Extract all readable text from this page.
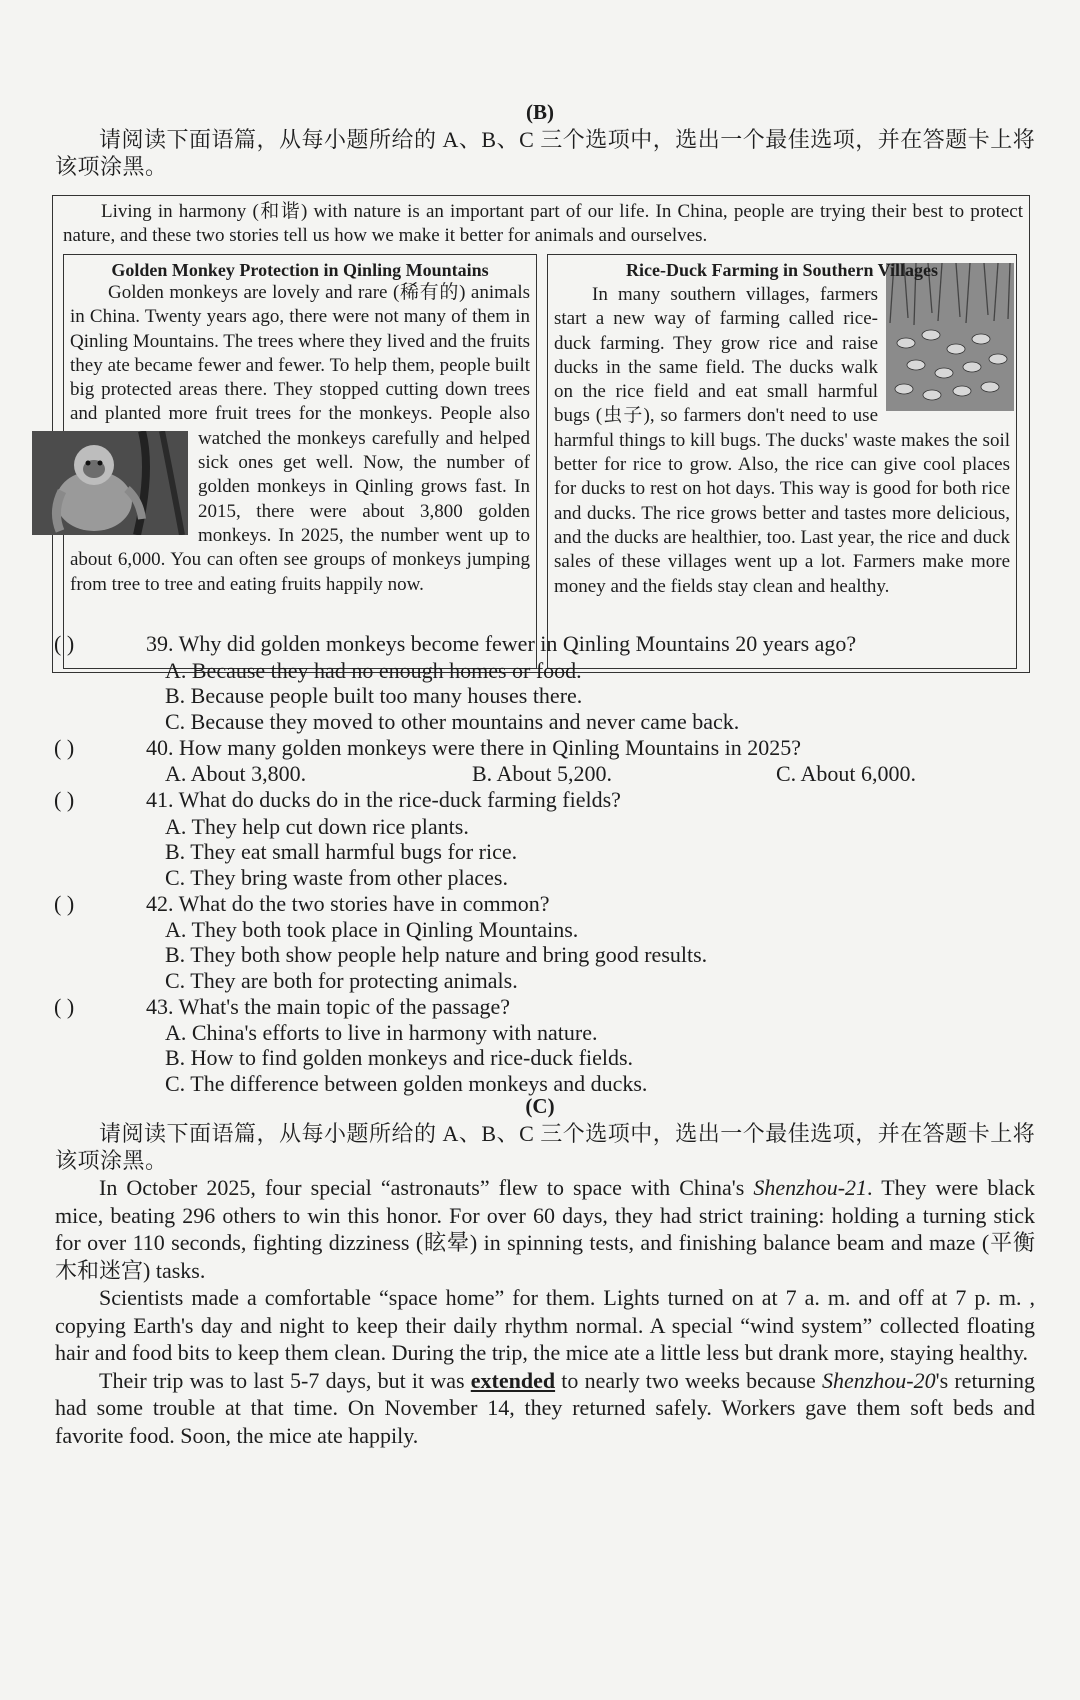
(B)
请阅读下面语篇，从每小题所给的 A、B、C 三个选项中，选出一个最佳选项，并在答题卡上将该项涂黑。
Living in harmony (和谐) with nature is an important part of our life. In China, people are trying their best to protect nature, and these two stories tell us how we make it better for animals and ourselves.
Golden Monkey Protection in Qinling Mountains
Golden monkeys are lovely and rare (稀有的) animals in China. Twenty years ago, there were not many of them in Qinling Mountains. The trees where they lived and the fruits they ate became fewer and fewer. To help them, people built big protected areas there. They stopped cutting down trees and planted more fruit trees for the monkeys. People also watched the monkeys carefully and helped sick ones get well. Now, the number of golden monkeys in Qinling grows fast. In 2015, there were about 3,800 golden monkeys. In 2025, the number went up to about 6,000. You can often see groups of monkeys jumping from tree to tree and eating fruits happily now.
Rice-Duck Farming in Southern Villages
In many southern villages, farmers start a new way of farming called rice-duck farming. They grow rice and raise ducks in the same field. The ducks walk on the rice field and eat small harmful bugs (虫子), so farmers don't need to use harmful things to kill bugs. The ducks' waste makes the soil better for rice to grow. Also, the rice can give cool places for ducks to rest on hot days. This way is good for both rice and ducks. The rice grows better and tastes more delicious, and the ducks are healthier, too. Last year, the rice and duck sales of these villages went up a lot. Farmers make more money and the fields stay clean and healthy.
( )	39. Why did golden monkeys become fewer in Qinling Mountains 20 years ago?
A. Because they had no enough homes or food.
B. Because people built too many houses there.
C. Because they moved to other mountains and never came back.
( )	40. How many golden monkeys were there in Qinling Mountains in 2025?
A. About 3,800.	B. About 5,200.	C. About 6,000.
( )	41. What do ducks do in the rice-duck farming fields?
A. They help cut down rice plants.
B. They eat small harmful bugs for rice.
C. They bring waste from other places.
( )	42. What do the two stories have in common?
A. They both took place in Qinling Mountains.
B. They both show people help nature and bring good results.
C. They are both for protecting animals.
( )	43. What's the main topic of the passage?
A. China's efforts to live in harmony with nature.
B. How to find golden monkeys and rice-duck fields.
C. The difference between golden monkeys and ducks.
(C)
请阅读下面语篇，从每小题所给的 A、B、C 三个选项中，选出一个最佳选项，并在答题卡上将该项涂黑。

In October 2025, four special “astronauts” flew to space with China's Shenzhou-21. They were black mice, beating 296 others to win this honor. For over 60 days, they had strict training: holding a turning stick for over 110 seconds, fighting dizziness (眩晕) in spinning tests, and finishing balance beam and maze (平衡木和迷宫) tasks.

Scientists made a comfortable “space home” for them. Lights turned on at 7 a. m. and off at 7 p. m. , copying Earth's day and night to keep their daily rhythm normal. A special “wind system” collected floating hair and food bits to keep them clean. During the trip, the mice ate a little less but drank more, staying healthy.

Their trip was to last 5-7 days, but it was extended to nearly two weeks because Shenzhou-20's returning had some trouble at that time. On November 14, they returned safely. Workers gave them soft beds and favorite food. Soon, the mice ate happily.
